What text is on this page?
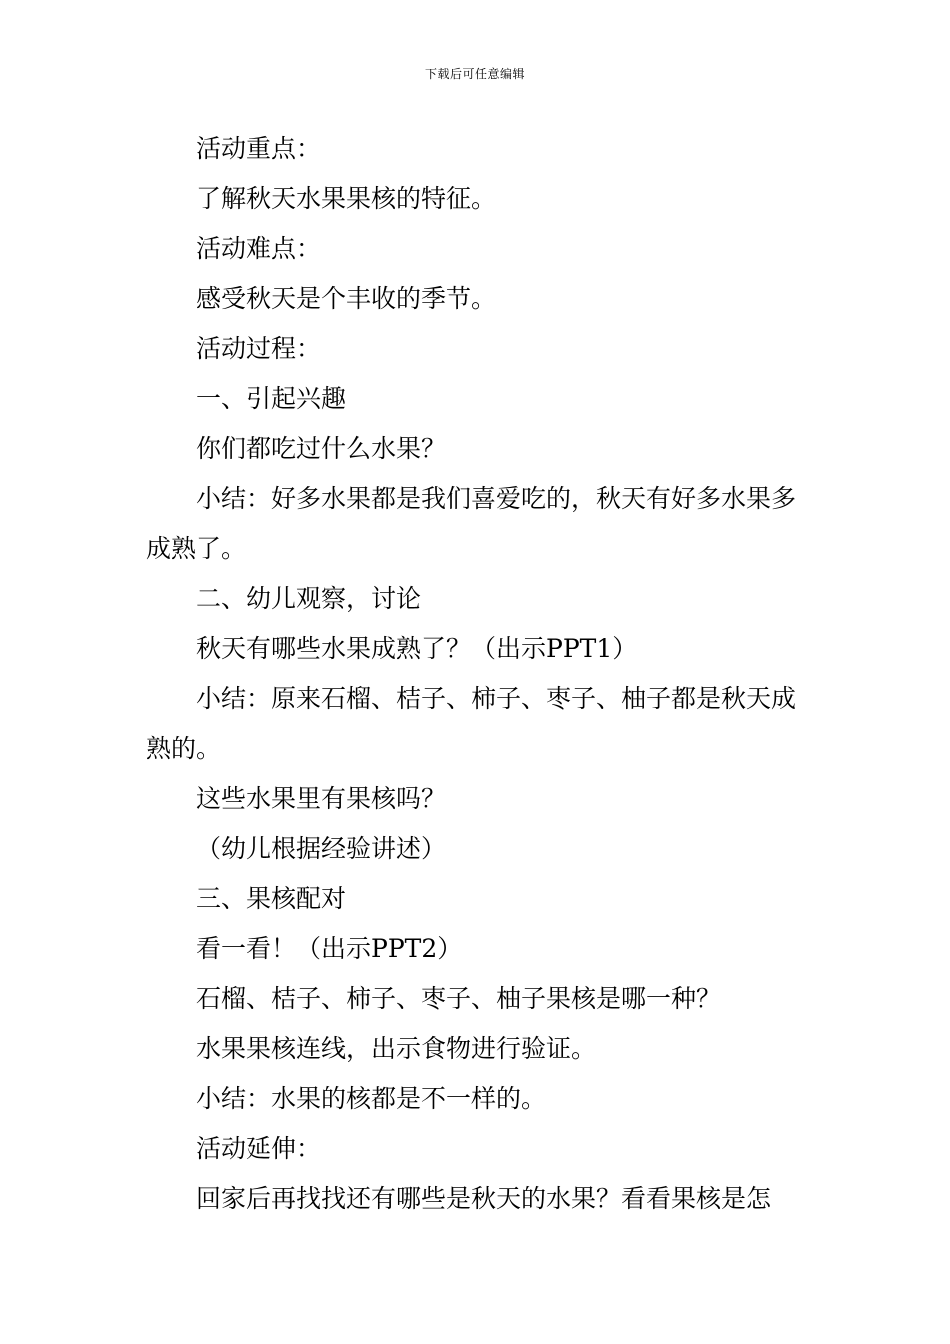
下载后可任意编辑

活动重点：

了解秋天水果果核的特征。

活动难点：

感受秋天是个丰收的季节。

活动过程：

一、引起兴趣

你们都吃过什么水果？

小结：好多水果都是我们喜爱吃的，秋天有好多水果多成熟了。

二、幼儿观察，讨论

秋天有哪些水果成熟了？（出示PPT1）

小结：原来石榴、桔子、柿子、枣子、柚子都是秋天成熟的。

这些水果里有果核吗？

（幼儿根据经验讲述）

三、果核配对

看一看！（出示PPT2）

石榴、桔子、柿子、枣子、柚子果核是哪一种？

水果果核连线，出示食物进行验证。

小结：水果的核都是不一样的。

活动延伸：

回家后再找找还有哪些是秋天的水果？看看果核是怎
